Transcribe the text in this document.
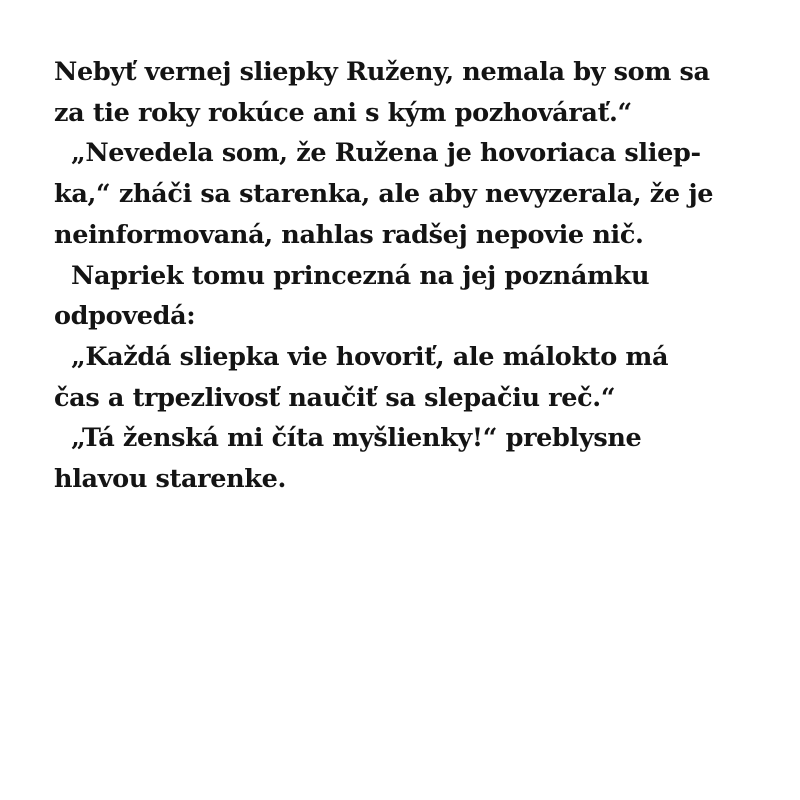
Nebyť vernej sliepky Ruženy, nemala by som sa
za tie roky rokúce ani s kým pozhovárať.“
„Nevedela som, že Ružena je hovoriaca sliep-
ka,“ zháči sa starenka, ale aby nevyzerala, že je
neinformovaná, nahlas radšej nepovie nič.
Napriek tomu princezná na jej poznámku
odpovedá:
„Každá sliepka vie hovoriť, ale málokto má
čas a trpezlivosť naučiť sa slepačiu reč.“
„Tá ženská mi číta myšlienky!“ preblysne
hlavou starenke.
